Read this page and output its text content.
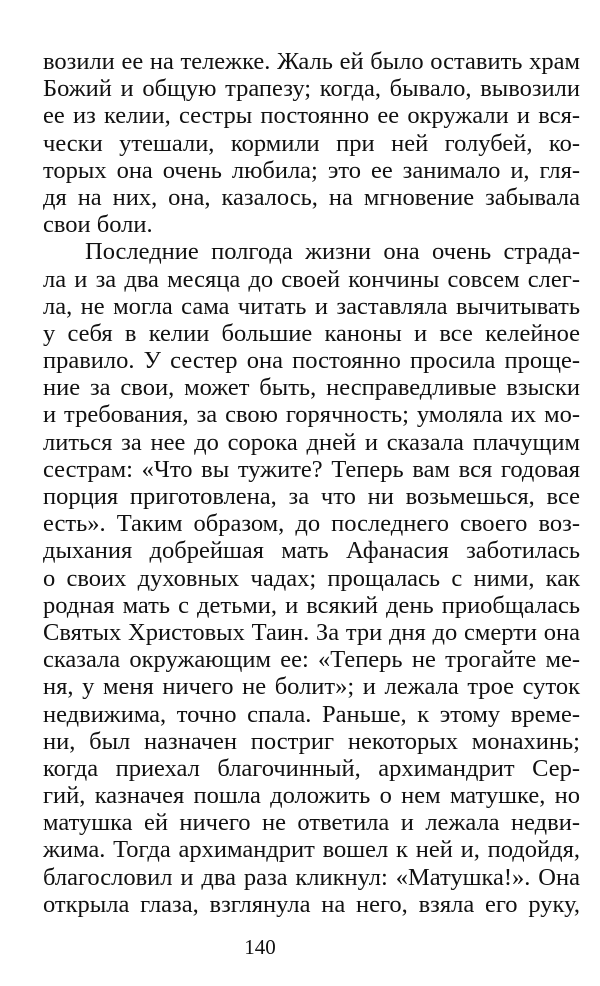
возили ее на тележке. Жаль ей было оставить храм
Божий и общую трапезу; когда, бывало, вывозили
ее из келии, сестры постоянно ее окружали и вся-
чески утешали, кормили при ней голубей, ко-
торых она очень любила; это ее занимало и, гля-
дя на них, она, казалось, на мгновение забывала
свои боли.
Последние полгода жизни она очень страда-
ла и за два месяца до своей кончины совсем слег-
ла, не могла сама читать и заставляла вычитывать
у себя в келии большие каноны и все келейное
правило. У сестер она постоянно просила проще-
ние за свои, может быть, несправедливые взыски
и требования, за свою горячность; умоляла их мо-
литься за нее до сорока дней и сказала плачущим
сестрам: «Что вы тужите? Теперь вам вся годовая
порция приготовлена, за что ни возьмешься, все
есть». Таким образом, до последнего своего воз-
дыхания добрейшая мать Афанасия заботилась
о своих духовных чадах; прощалась с ними, как
родная мать с детьми, и всякий день приобщалась
Святых Христовых Таин. За три дня до смерти она
сказала окружающим ее: «Теперь не трогайте ме-
ня, у меня ничего не болит»; и лежала трое суток
недвижима, точно спала. Раньше, к этому време-
ни, был назначен постриг некоторых монахинь;
когда приехал благочинный, архимандрит Сер-
гий, казначея пошла доложить о нем матушке, но
матушка ей ничего не ответила и лежала недви-
жима. Тогда архимандрит вошел к ней и, подойдя,
благословил и два раза кликнул: «Матушка!». Она
открыла глаза, взглянула на него, взяла его руку,
140
